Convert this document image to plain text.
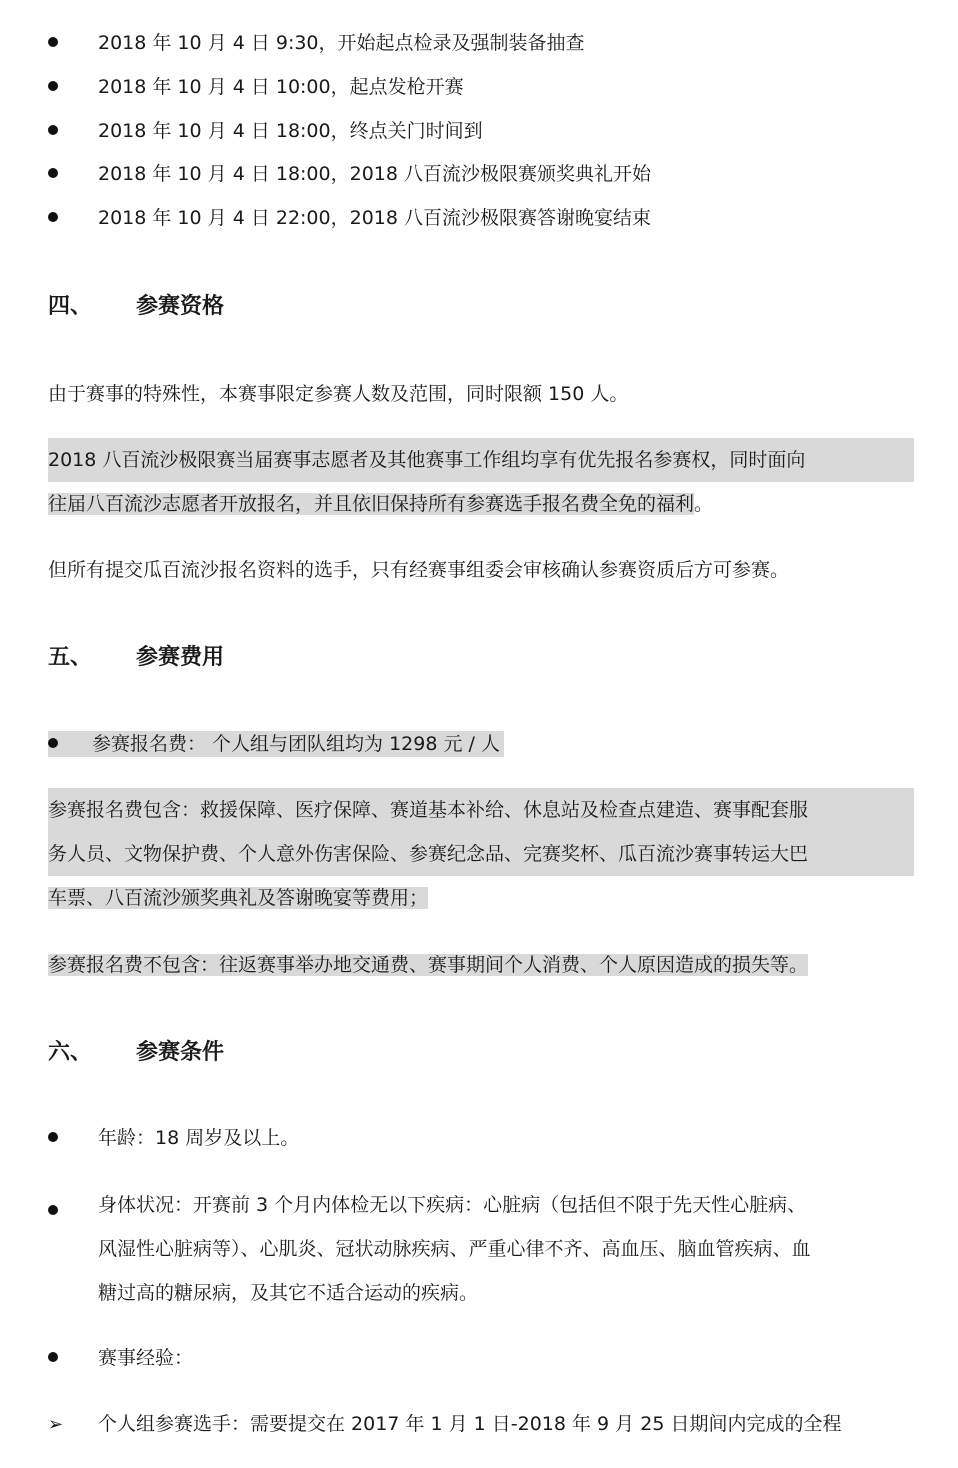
2018 年 10 月 4 日 9:30，开始起点检录及强制装备抽查
2018 年 10 月 4 日 10:00，起点发枪开赛
2018 年 10 月 4 日 18:00，终点关门时间到
2018 年 10 月 4 日 18:00，2018 八百流沙极限赛颁奖典礼开始
2018 年 10 月 4 日 22:00，2018 八百流沙极限赛答谢晚宴结束
四、 参赛资格
由于赛事的特殊性，本赛事限定参赛人数及范围，同时限额 150 人。
2018 八百流沙极限赛当届赛事志愿者及其他赛事工作组均享有优先报名参赛权，同时面向
往届八百流沙志愿者开放报名，并且依旧保持所有参赛选手报名费全免的福利。
但所有提交瓜百流沙报名资料的选手，只有经赛事组委会审核确认参赛资质后方可参赛。
五、 参赛费用
参赛报名费： 个人组与团队组均为 1298 元 / 人
参赛报名费包含：救援保障、医疗保障、赛道基本补给、休息站及检查点建造、赛事配套服
务人员、文物保护费、个人意外伤害保险、参赛纪念品、完赛奖杯、瓜百流沙赛事转运大巴
车票、八百流沙颁奖典礼及答谢晚宴等费用；
参赛报名费不包含：往返赛事举办地交通费、赛事期间个人消费、个人原因造成的损失等。
六、 参赛条件
年龄：18 周岁及以上。
身体状况：开赛前 3 个月内体检无以下疾病：心脏病（包括但不限于先天性心脏病、
风湿性心脏病等）、心肌炎、冠状动脉疾病、严重心律不齐、高血压、脑血管疾病、血
糖过高的糖尿病，及其它不适合运动的疾病。
赛事经验：
➢ 个人组参赛选手：需要提交在 2017 年 1 月 1 日-2018 年 9 月 25 日期间内完成的全程
